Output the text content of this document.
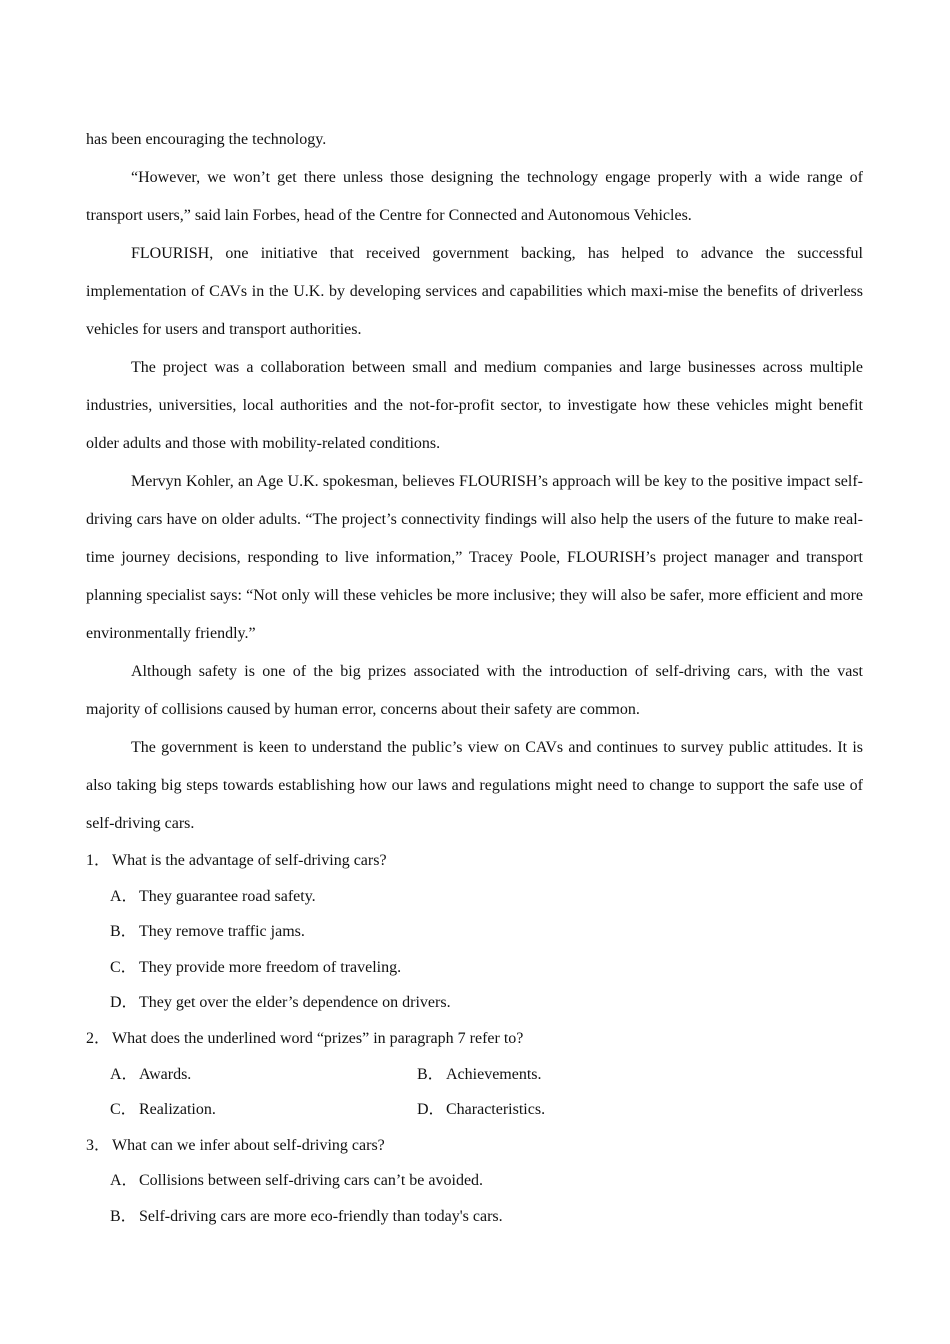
has been encouraging the technology.

“However, we won’t get there unless those designing the technology engage properly with a wide range of transport users,” said lain Forbes, head of the Centre for Connected and Autonomous Vehicles.

FLOURISH, one initiative that received government backing, has helped to advance the successful implementation of CAVs in the U.K. by developing services and capabilities which maxi-mise the benefits of driverless vehicles for users and transport authorities.

The project was a collaboration between small and medium companies and large businesses across multiple industries, universities, local authorities and the not-for-profit sector, to investigate how these vehicles might benefit older adults and those with mobility-related conditions.

Mervyn Kohler, an Age U.K. spokesman, believes FLOURISH’s approach will be key to the positive impact self-driving cars have on older adults. “The project’s connectivity findings will also help the users of the future to make real-time journey decisions, responding to live information,” Tracey Poole, FLOURISH’s project manager and transport planning specialist says: “Not only will these vehicles be more inclusive; they will also be safer, more efficient and more environmentally friendly.”

Although safety is one of the big prizes associated with the introduction of self-driving cars, with the vast majority of collisions caused by human error, concerns about their safety are common.

The government is keen to understand the public’s view on CAVs and continues to survey public attitudes. It is also taking big steps towards establishing how our laws and regulations might need to change to support the safe use of self-driving cars.

1． What is the advantage of self-driving cars?

A．They guarantee road safety.

B． They remove traffic jams.

C． They provide more freedom of traveling.

D．They get over the elder’s dependence on drivers.

2． What does the underlined word “prizes” in paragraph 7 refer to?

A．Awards.	B． Achievements.
C． Realization.	D．Characteristics.

3． What can we infer about self-driving cars?

A．Collisions between self-driving cars can’t be avoided.

B． Self-driving cars are more eco-friendly than today's cars.
